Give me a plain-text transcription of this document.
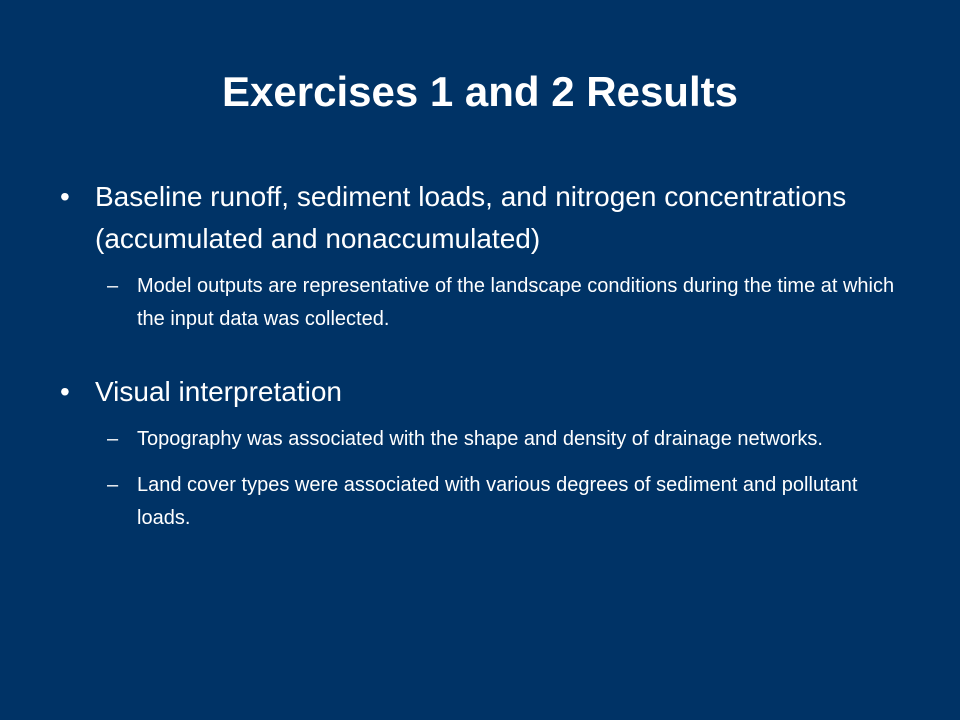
Exercises 1 and 2 Results
• Baseline runoff, sediment loads, and nitrogen concentrations (accumulated and nonaccumulated)
– Model outputs are representative of the landscape conditions during the time at which the input data was collected.
• Visual interpretation
– Topography was associated with the shape and density of drainage networks.
– Land cover types were associated with various degrees of sediment and pollutant loads.
